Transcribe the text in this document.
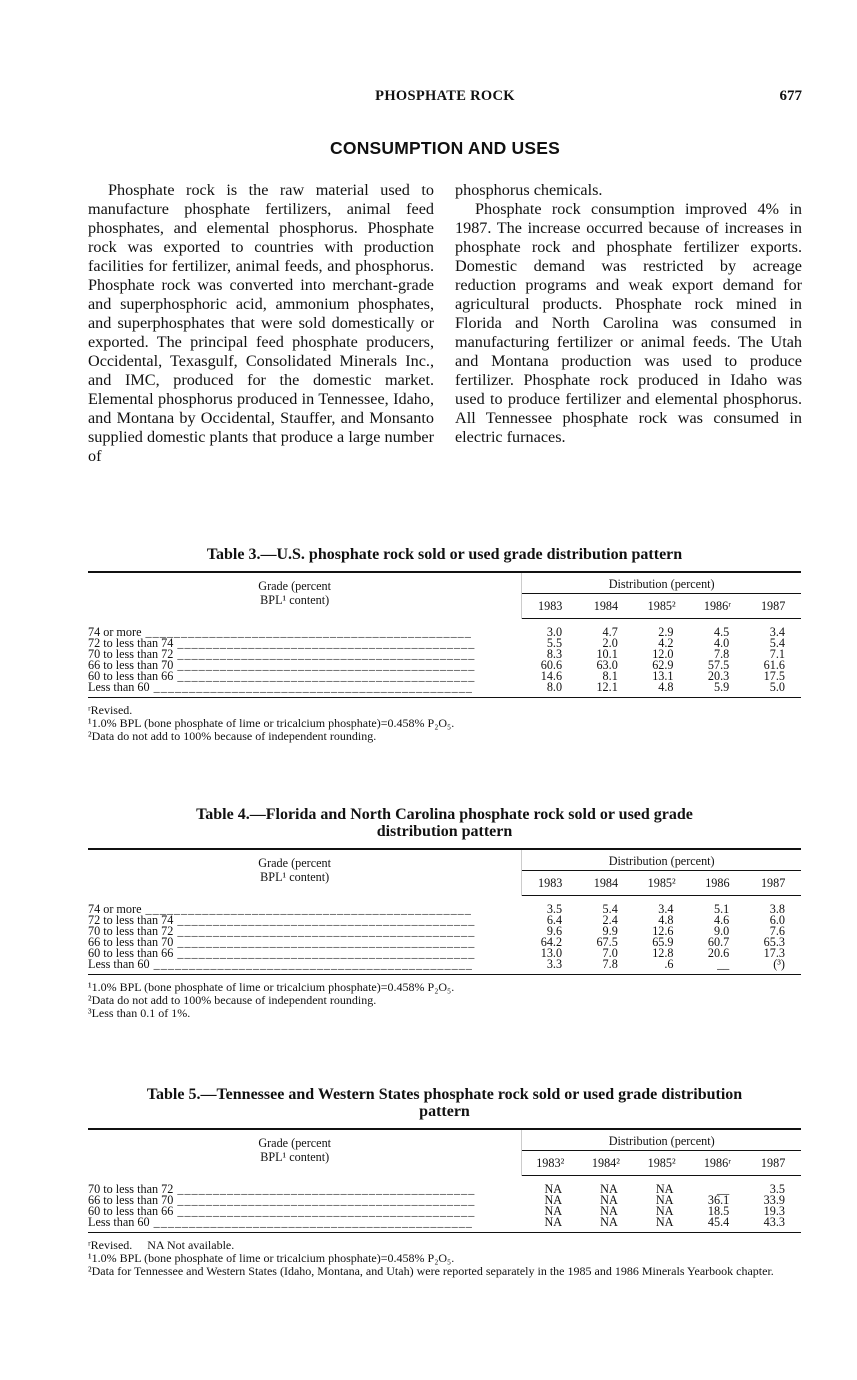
PHOSPHATE ROCK	677
CONSUMPTION AND USES

Phosphate rock is the raw material used to manufacture phosphate fertilizers, animal feed phosphates, and elemental phosphorus. Phosphate rock was exported to countries with production facilities for fertilizer, animal feeds, and phosphorus. Phosphate rock was converted into merchant-grade and superphosphoric acid, ammonium phosphates, and superphosphates that were sold domestically or exported. The principal feed phosphate producers, Occidental, Texasgulf, Consolidated Minerals Inc., and IMC, produced for the domestic market. Elemental phosphorus produced in Tennessee, Idaho, and Montana by Occidental, Stauffer, and Monsanto supplied domestic plants that produce a large number of

phosphorus chemicals.

Phosphate rock consumption improved 4% in 1987. The increase occurred because of increases in phosphate rock and phosphate fertilizer exports. Domestic demand was restricted by acreage reduction programs and weak export demand for agricultural products. Phosphate rock mined in Florida and North Carolina was consumed in manufacturing fertilizer or animal feeds. The Utah and Montana production was used to produce fertilizer. Phosphate rock produced in Idaho was used to produce fertilizer and elemental phosphorus. All Tennessee phosphate rock was consumed in electric furnaces.

Table 3.—U.S. phosphate rock sold or used grade distribution pattern
Grade (percent
BPL¹ content)	Distribution (percent)				
	1983	1984	1985²	1986ʳ	1987
74 or more ______________________________________________	3.0	4.7	2.9	4.5	3.4
72 to less than 74 __________________________________________	5.5	2.0	4.2	4.0	5.4
70 to less than 72 __________________________________________	8.3	10.1	12.0	7.8	7.1
66 to less than 70 __________________________________________	60.6	63.0	62.9	57.5	61.6
60 to less than 66 __________________________________________	14.6	8.1	13.1	20.3	17.5
Less than 60 _____________________________________________	8.0	12.1	4.8	5.9	5.0
ʳRevised.
¹1.0% BPL (bone phosphate of lime or tricalcium phosphate)=0.458% P₂O₅.
²Data do not add to 100% because of independent rounding.
Table 4.—Florida and North Carolina phosphate rock sold or used grade
distribution pattern
Grade (percent
BPL¹ content)	Distribution (percent)				
	1983	1984	1985²	1986	1987
74 or more ______________________________________________	3.5	5.4	3.4	5.1	3.8
72 to less than 74 __________________________________________	6.4	2.4	4.8	4.6	6.0
70 to less than 72 __________________________________________	9.6	9.9	12.6	9.0	7.6
66 to less than 70 __________________________________________	64.2	67.5	65.9	60.7	65.3
60 to less than 66 __________________________________________	13.0	7.0	12.8	20.6	17.3
Less than 60 _____________________________________________	3.3	7.8	.6	__	(³)
¹1.0% BPL (bone phosphate of lime or tricalcium phosphate)=0.458% P₂O₅.
²Data do not add to 100% because of independent rounding.
³Less than 0.1 of 1%.
Table 5.—Tennessee and Western States phosphate rock sold or used grade distribution
pattern
Grade (percent
BPL¹ content)	Distribution (percent)				
	1983²	1984²	1985²	1986ʳ	1987
70 to less than 72 __________________________________________	NA	NA	NA	__	3.5
66 to less than 70 __________________________________________	NA	NA	NA	36.1	33.9
60 to less than 66 __________________________________________	NA	NA	NA	18.5	19.3
Less than 60 _____________________________________________	NA	NA	NA	45.4	43.3
ʳRevised.     NA Not available.
¹1.0% BPL (bone phosphate of lime or tricalcium phosphate)=0.458% P₂O₅.
²Data for Tennessee and Western States (Idaho, Montana, and Utah) were reported separately in the 1985 and 1986 Minerals Yearbook chapter.
